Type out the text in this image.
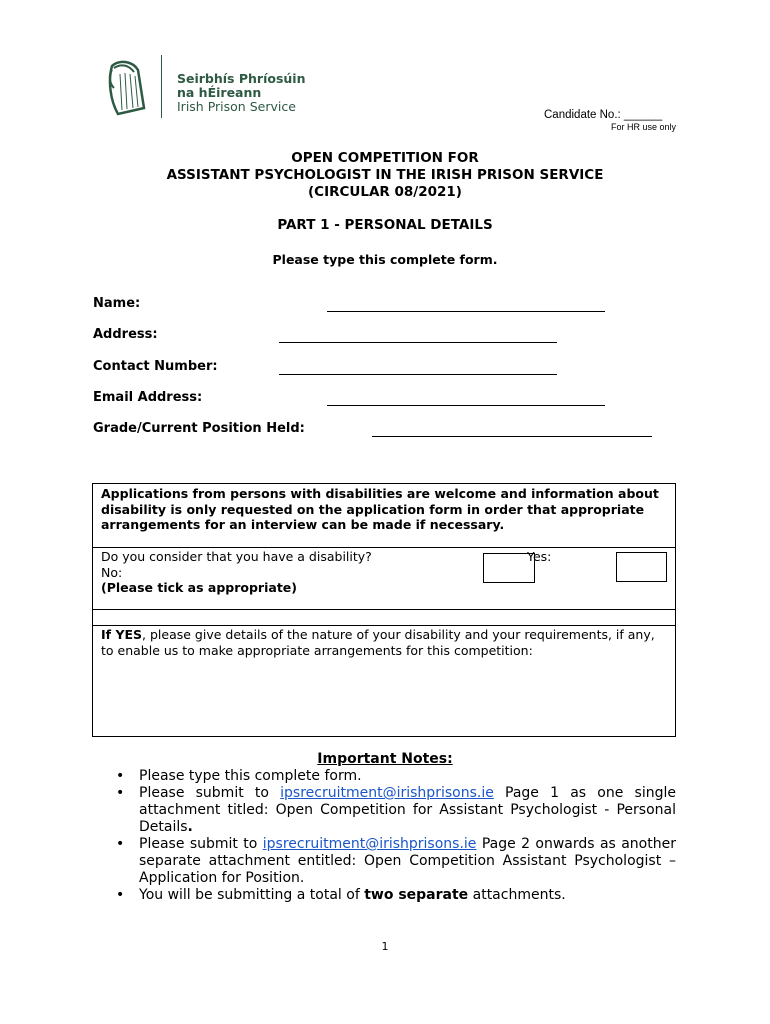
Seirbhís Phríosúin
na hÉireann
Irish Prison Service
Candidate No.: ______
For HR use only
OPEN COMPETITION FOR
ASSISTANT PSYCHOLOGIST IN THE IRISH PRISON SERVICE
(CIRCULAR 08/2021)
PART 1 - PERSONAL DETAILS
Please type this complete form.
Name:
Address:
Contact Number:
Email Address:
Grade/Current Position Held:
Applications from persons with disabilities are welcome and information about disability is only requested on the application form in order that appropriate arrangements for an interview can be made if necessary.
Do you consider that you have a disability?
No:
(Please tick as appropriate)
Yes:
If YES, please give details of the nature of your disability and your requirements, if any, to enable us to make appropriate arrangements for this competition:
Important Notes:
• Please type this complete form.
• Please submit to ipsrecruitment@irishprisons.ie Page 1 as one single attachment titled: Open Competition for Assistant Psychologist - Personal Details.
• Please submit to ipsrecruitment@irishprisons.ie Page 2 onwards as another separate attachment entitled: Open Competition Assistant Psychologist – Application for Position.
• You will be submitting a total of two separate attachments.
1
